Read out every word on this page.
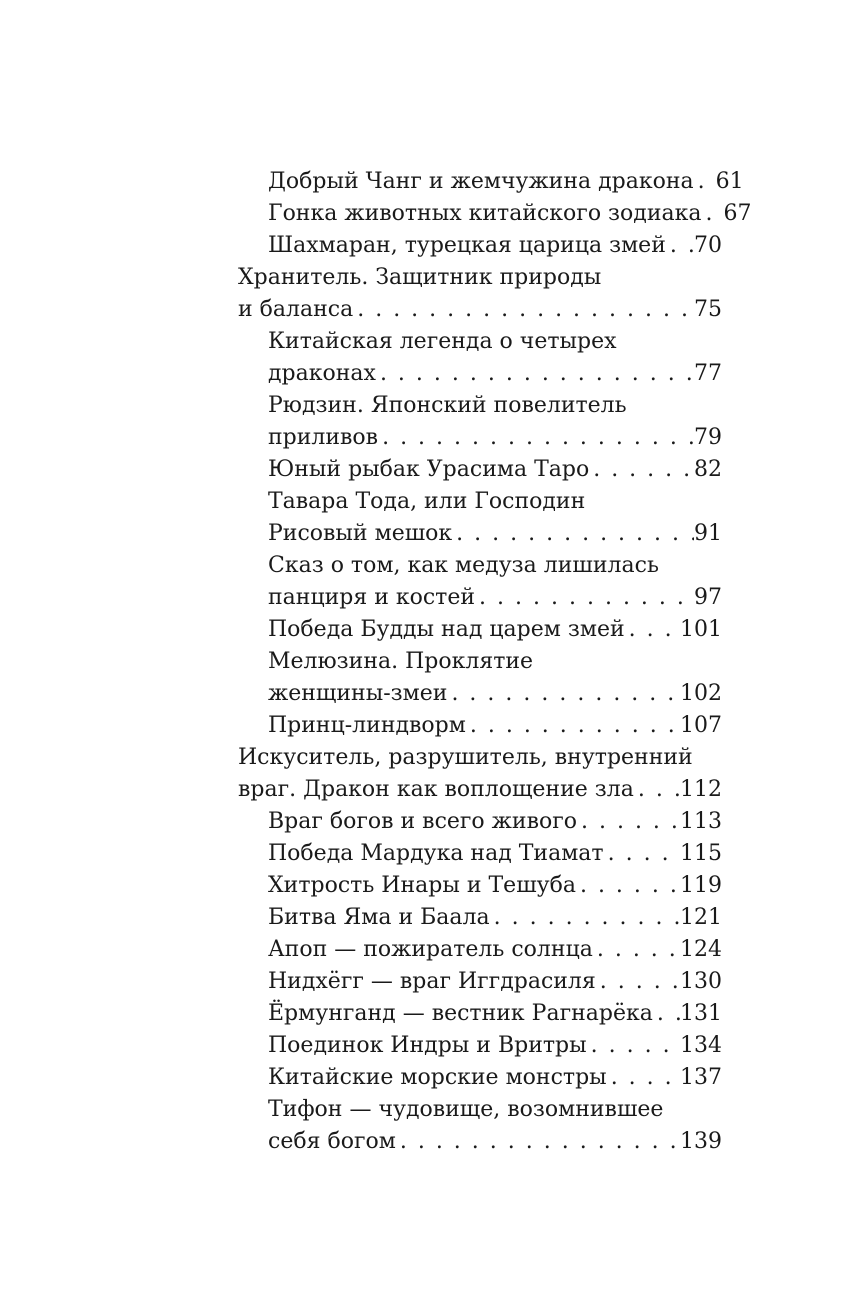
Добрый Чанг и жемчужина дракона . . . 61
Гонка животных китайского зодиака . . . 67
Шахмаран, турецкая царица змей . . . 70
Хранитель. Защитник природы
и баланса . . .	75
Китайская легенда о четырех
драконах . . .	77
Рюдзин. Японский повелитель
приливов . . .	79
Юный рыбак Урасима Таро . . .	82
Тавара Тода, или Господин
Рисовый мешок . . .	91
Сказ о том, как медуза лишилась
панциря и костей . . .	97
Победа Будды над царем змей . . .	101
Мелюзина. Проклятие
женщины-змеи . . .	102
Принц-линдворм . . .	107
Искуситель, разрушитель, внутренний
враг. Дракон как воплощение зла . . . 112
Враг богов и всего живого . . .	113
Победа Мардука над Тиамат . . .	115
Хитрость Инары и Тешуба . . .	119
Битва Яма и Баала . . .	121
Апоп — пожиратель солнца . . .	124
Нидхёгг — враг Иггдрасиля . . .	130
Ёрмунганд — вестник Рагнарёка . . . 131
Поединок Индры и Вритры . . .	134
Китайские морские монстры . . .	137
Тифон — чудовище, возомнившее
себя богом . . .	139
